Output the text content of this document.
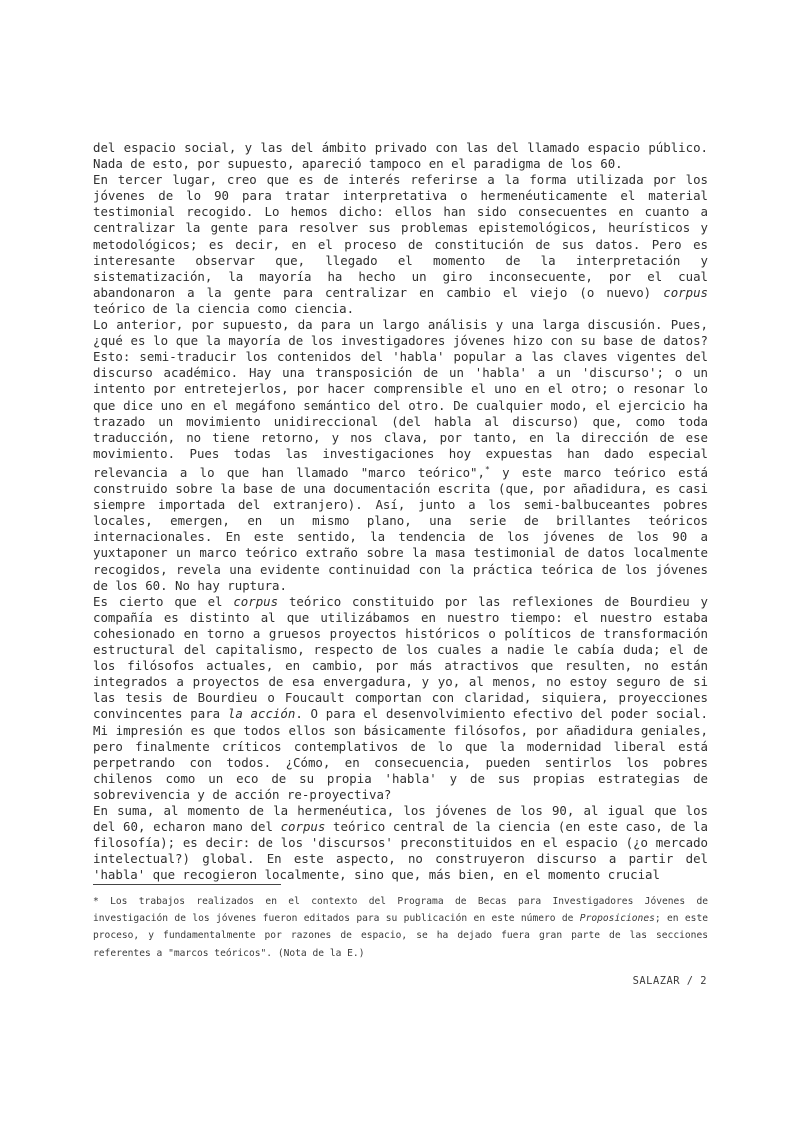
del espacio social, y las del ámbito privado con las del llamado espacio público. Nada de esto, por supuesto, apareció tampoco en el paradigma de los 60.

En tercer lugar, creo que es de interés referirse a la forma utilizada por los jóvenes de lo 90 para tratar interpretativa o hermenéuticamente el material testimonial recogido. Lo hemos dicho: ellos han sido consecuentes en cuanto a centralizar la gente para resolver sus problemas epistemológicos, heurísticos y metodológicos; es decir, en el proceso de constitución de sus datos. Pero es interesante observar que, llegado el momento de la interpretación y sistematización, la mayoría ha hecho un giro inconsecuente, por el cual abandonaron a la gente para centralizar en cambio el viejo (o nuevo) corpus teórico de la ciencia como ciencia.

Lo anterior, por supuesto, da para un largo análisis y una larga discusión. Pues, ¿qué es lo que la mayoría de los investigadores jóvenes hizo con su base de datos? Esto: semi-traducir los contenidos del 'habla' popular a las claves vigentes del discurso académico. Hay una transposición de un 'habla' a un 'discurso'; o un intento por entretejerlos, por hacer comprensible el uno en el otro; o resonar lo que dice uno en el megáfono semántico del otro. De cualquier modo, el ejercicio ha trazado un movimiento unidireccional (del habla al discurso) que, como toda traducción, no tiene retorno, y nos clava, por tanto, en la dirección de ese movimiento. Pues todas las investigaciones hoy expuestas han dado especial relevancia a lo que han llamado "marco teórico",* y este marco teórico está construido sobre la base de una documentación escrita (que, por añadidura, es casi siempre importada del extranjero). Así, junto a los semi-balbuceantes pobres locales, emergen, en un mismo plano, una serie de brillantes teóricos internacionales. En este sentido, la tendencia de los jóvenes de los 90 a yuxtaponer un marco teórico extraño sobre la masa testimonial de datos localmente recogidos, revela una evidente continuidad con la práctica teórica de los jóvenes de los 60. No hay ruptura.

Es cierto que el corpus teórico constituido por las reflexiones de Bourdieu y compañía es distinto al que utilizábamos en nuestro tiempo: el nuestro estaba cohesionado en torno a gruesos proyectos históricos o políticos de transformación estructural del capitalismo, respecto de los cuales a nadie le cabía duda; el de los filósofos actuales, en cambio, por más atractivos que resulten, no están integrados a proyectos de esa envergadura, y yo, al menos, no estoy seguro de si las tesis de Bourdieu o Foucault comportan con claridad, siquiera, proyecciones convincentes para la acción. O para el desenvolvimiento efectivo del poder social. Mi impresión es que todos ellos son básicamente filósofos, por añadidura geniales, pero finalmente críticos contemplativos de lo que la modernidad liberal está perpetrando con todos. ¿Cómo, en consecuencia, pueden sentirlos los pobres chilenos como un eco de su propia 'habla' y de sus propias estrategias de sobrevivencia y de acción re-proyectiva?

En suma, al momento de la hermenéutica, los jóvenes de los 90, al igual que los del 60, echaron mano del corpus teórico central de la ciencia (en este caso, de la filosofía); es decir: de los 'discursos' preconstituidos en el espacio (¿o mercado intelectual?) global. En este aspecto, no construyeron discurso a partir del 'habla' que recogieron localmente, sino que, más bien, en el momento crucial

* Los trabajos realizados en el contexto del Programa de Becas para Investigadores Jóvenes de investigación de los jóvenes fueron editados para su publicación en este número de Proposiciones; en este proceso, y fundamentalmente por razones de espacio, se ha dejado fuera gran parte de las secciones referentes a "marcos teóricos". (Nota de la E.)
SALAZAR / 2
